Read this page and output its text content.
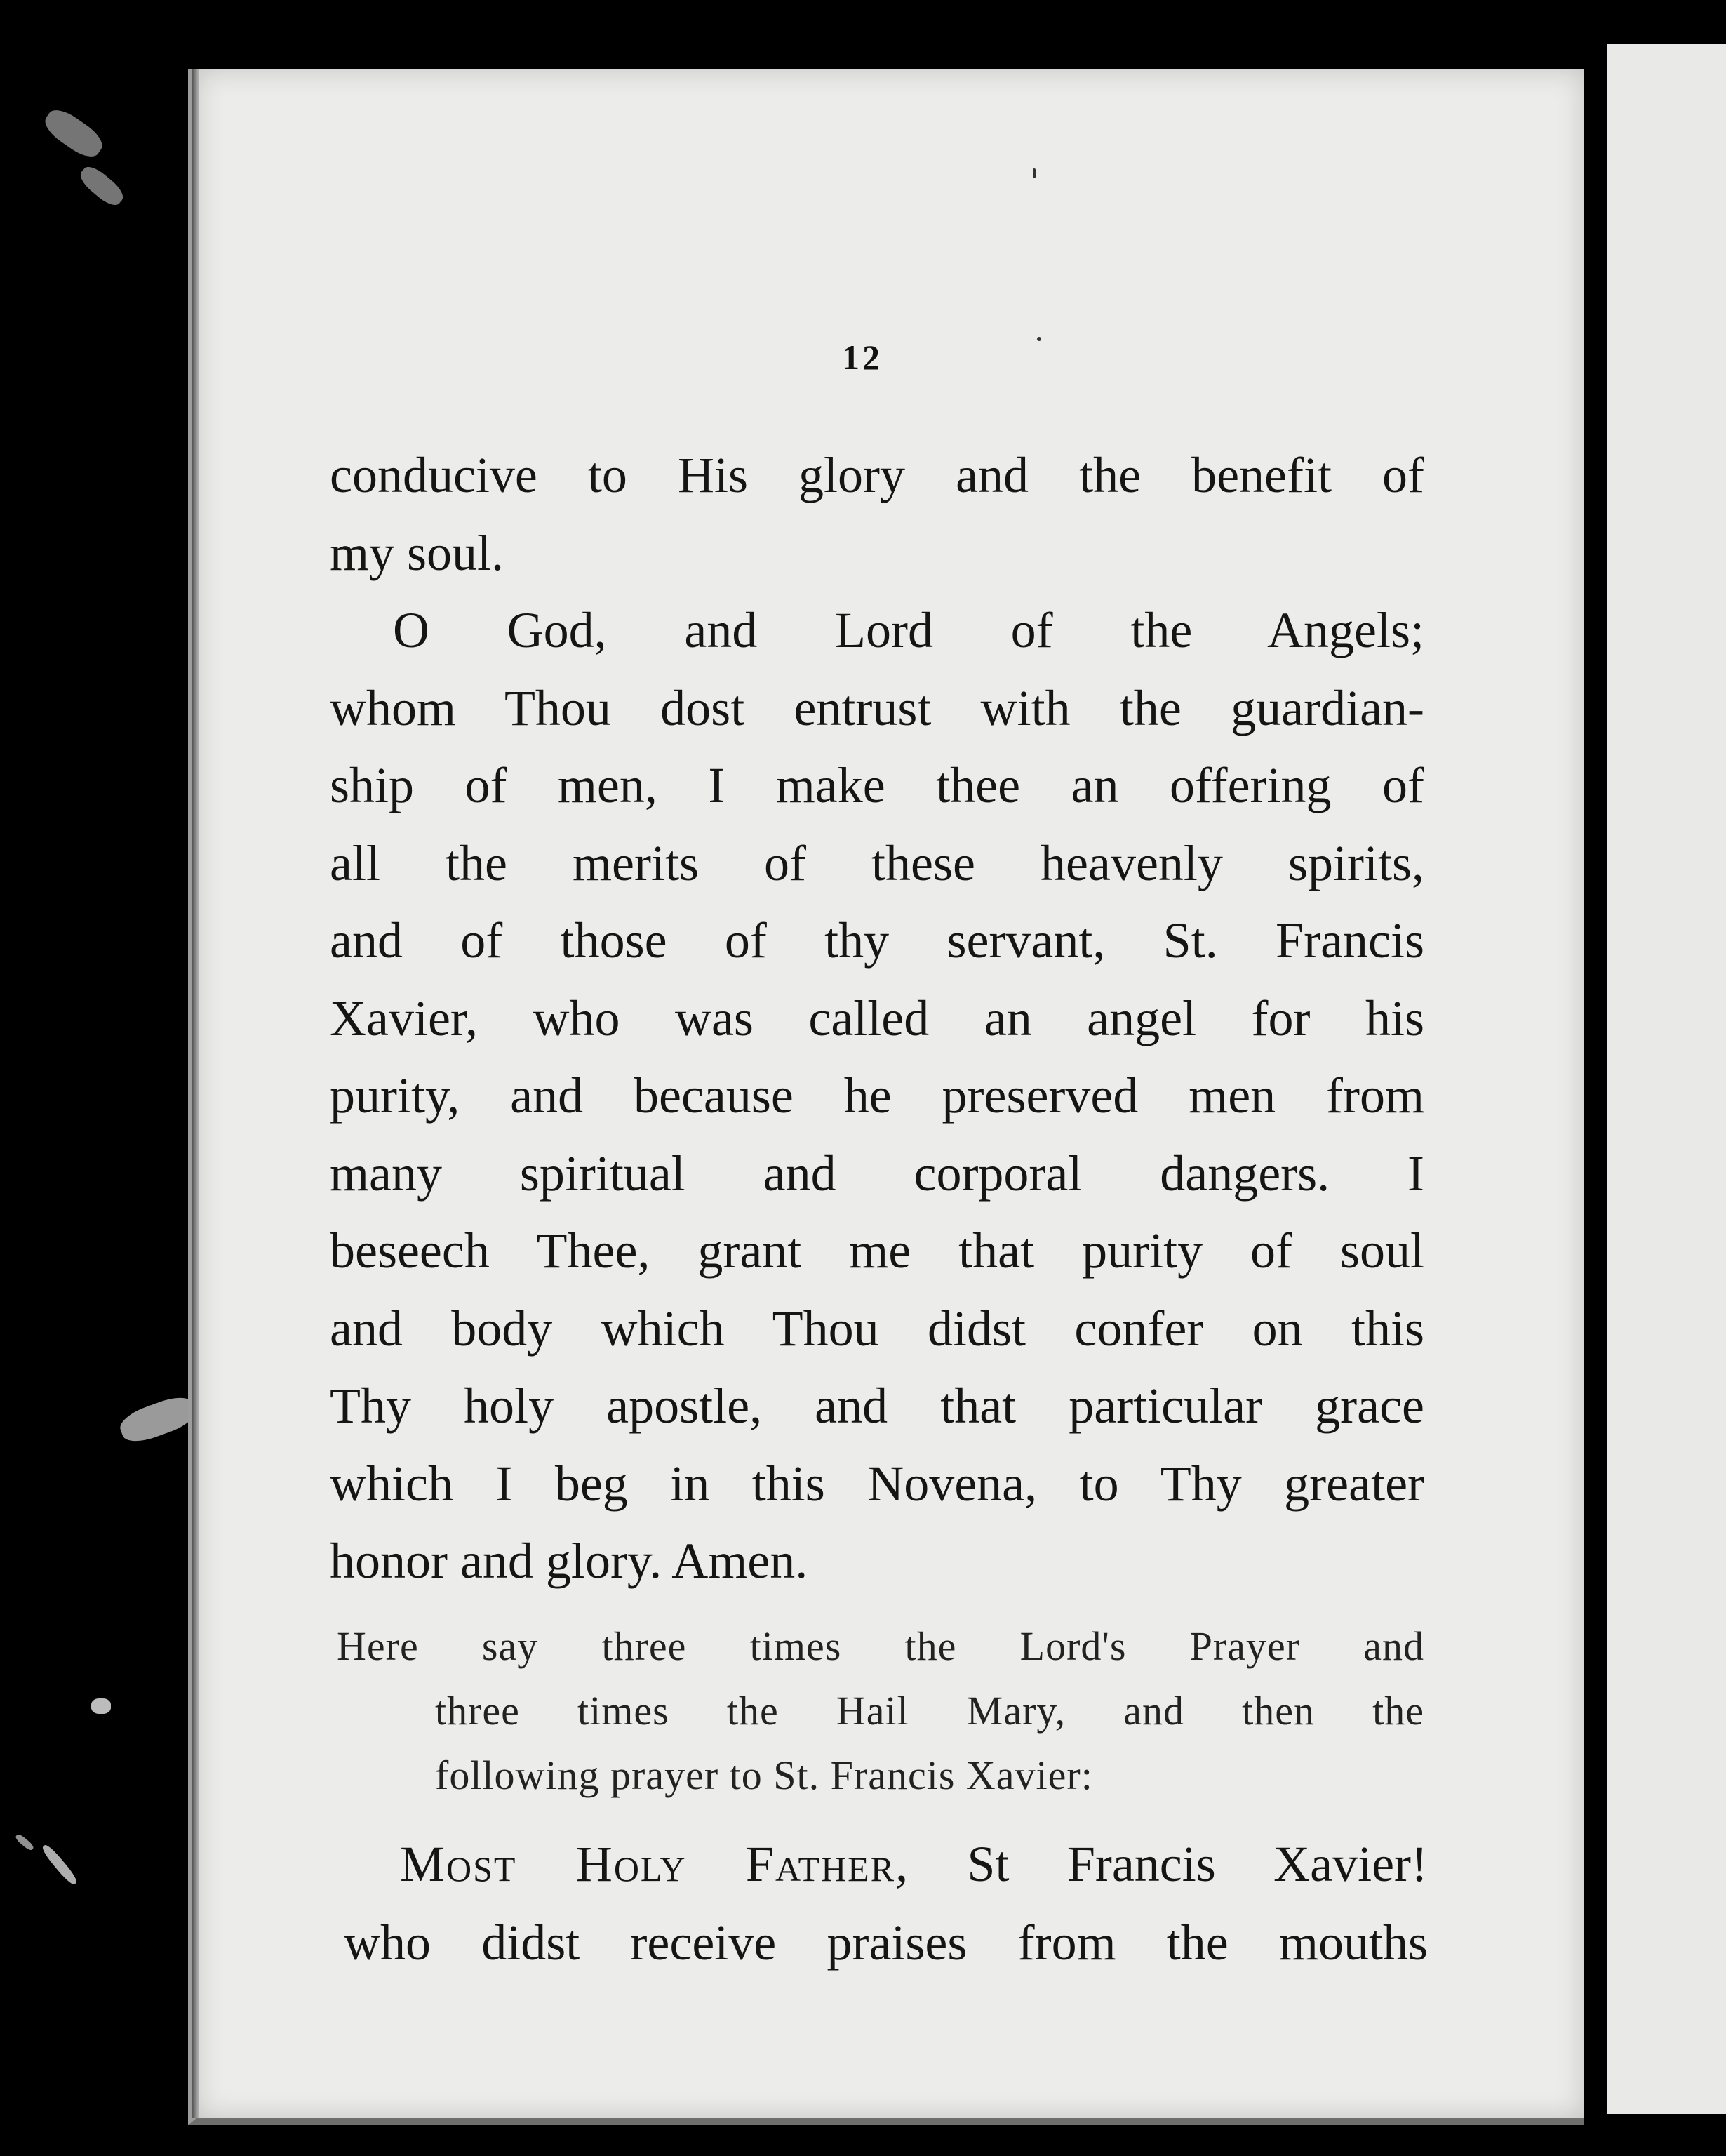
12
conducive to His glory and the benefit of
my soul.
O God, and Lord of the Angels;
whom Thou dost entrust with the guardian-
ship of men, I make thee an offering of
all the merits of these heavenly spirits,
and of those of thy servant, St. Francis
Xavier, who was called an angel for his
purity, and because he preserved men from
many spiritual and corporal dangers. I
beseech Thee, grant me that purity of soul
and body which Thou didst confer on this
Thy holy apostle, and that particular grace
which I beg in this Novena, to Thy greater
honor and glory. Amen.
Here say three times the Lord's Prayer and
three times the Hail Mary, and then the
following prayer to St. Francis Xavier:
Most Holy Father, St Francis Xavier!
who didst receive praises from the mouths
